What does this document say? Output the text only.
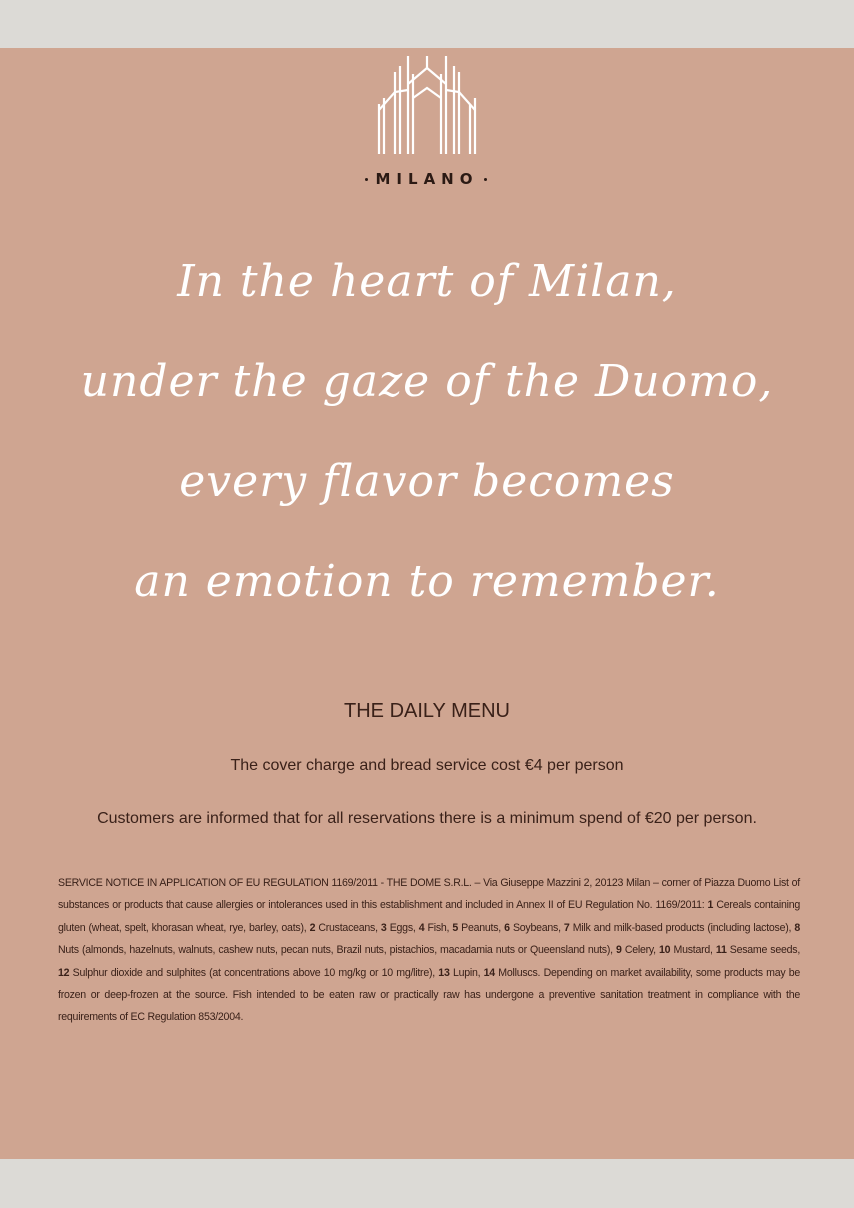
MILANO
In the heart of Milan,
under the gaze of the Duomo,
every flavor becomes
an emotion to remember.
THE DAILY MENU
The cover charge and bread service cost €4 per person
Customers are informed that for all reservations there is a minimum spend of €20 per person.
SERVICE NOTICE IN APPLICATION OF EU REGULATION 1169/2011 - THE DOME S.R.L. – Via Giuseppe Mazzini 2, 20123 Milan – corner of Piazza Duomo List of substances or products that cause allergies or intolerances used in this establishment and included in Annex II of EU Regulation No. 1169/2011: 1 Cereals containing gluten (wheat, spelt, khorasan wheat, rye, barley, oats), 2 Crustaceans, 3 Eggs, 4 Fish, 5 Peanuts, 6 Soybeans, 7 Milk and milk-based products (including lactose), 8 Nuts (almonds, hazelnuts, walnuts, cashew nuts, pecan nuts, Brazil nuts, pistachios, macadamia nuts or Queensland nuts), 9 Celery, 10 Mustard, 11 Sesame seeds, 12 Sulphur dioxide and sulphites (at concentrations above 10 mg/kg or 10 mg/litre), 13 Lupin, 14 Molluscs. Depending on market availability, some products may be frozen or deep-frozen at the source. Fish intended to be eaten raw or practically raw has undergone a preventive sanitation treatment in compliance with the requirements of EC Regulation 853/2004.
